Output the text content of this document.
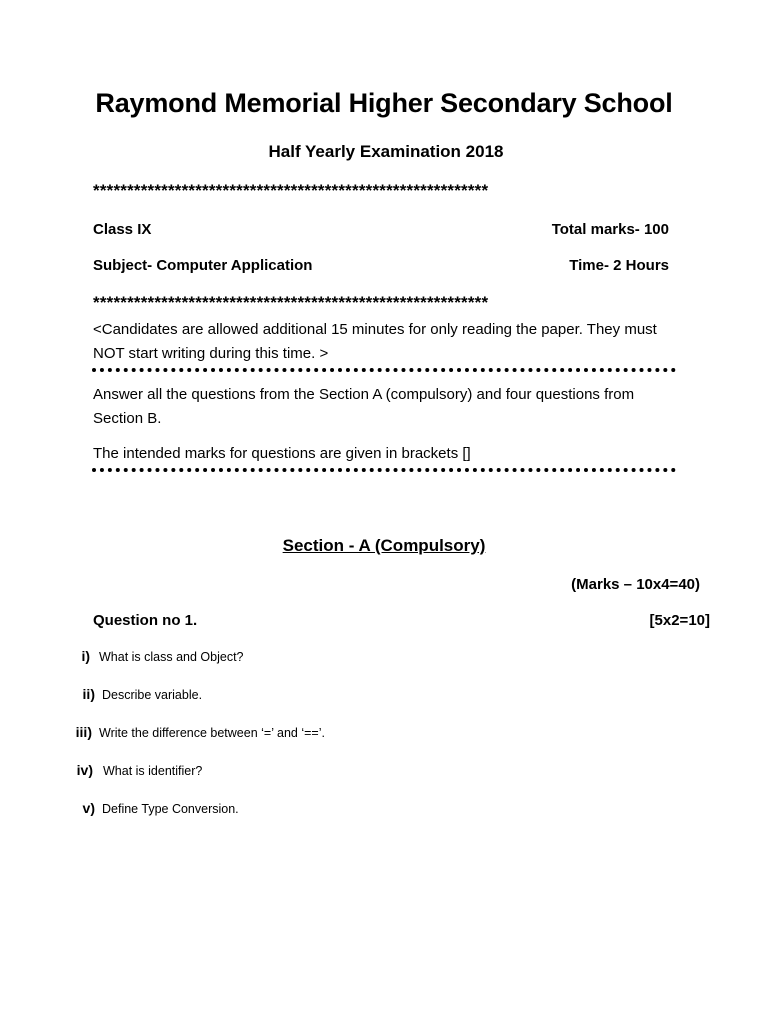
Raymond Memorial Higher Secondary School
Half Yearly Examination 2018
**********************************************************
Class IX	Total marks- 100
Subject- Computer Application	Time- 2 Hours
**********************************************************
<Candidates are allowed additional 15 minutes for only reading the paper. They must NOT start writing during this time. >
Answer all the questions from the Section A (compulsory) and four questions from Section B.
The intended marks for questions are given in brackets []
Section - A (Compulsory)
(Marks – 10x4=40)
Question no 1.	[5x2=10]
i) What is class and Object?
ii) Describe variable.
iii) Write the difference between ‘=’ and ‘==’.
iv) What is identifier?
v) Define Type Conversion.
